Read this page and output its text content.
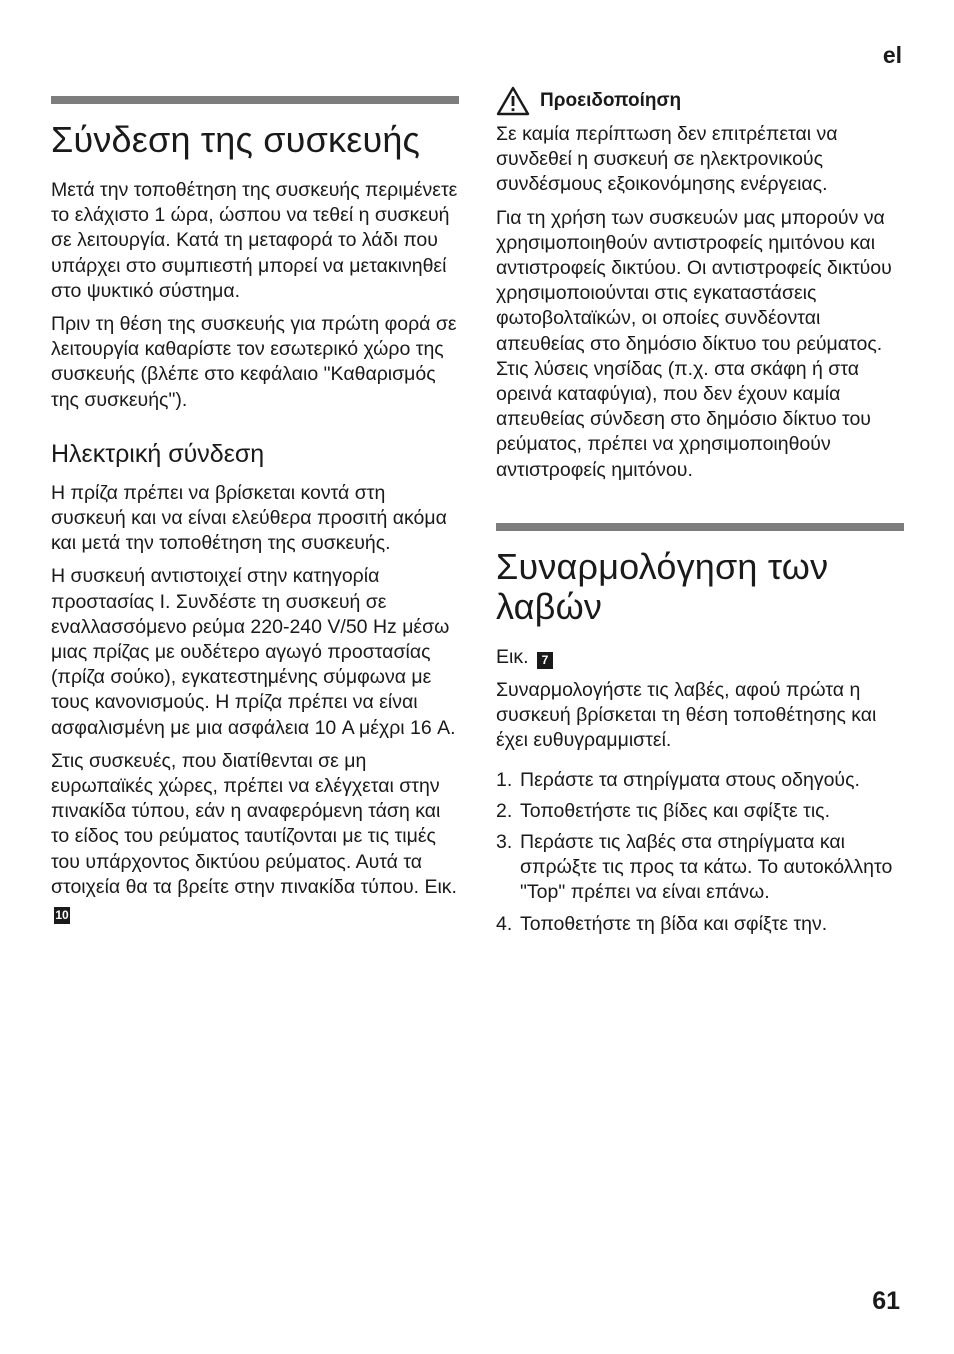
el
Σύνδεση της συσκευής

Μετά την τοποθέτηση της συσκευής περιμένετε το ελάχιστο 1 ώρα, ώσπου να τεθεί η συσκευή σε λειτουργία. Κατά τη μεταφορά το λάδι που υπάρχει στο συμπιεστή μπορεί να μετακινηθεί στο ψυκτικό σύστημα.

Πριν τη θέση της συσκευής για πρώτη φορά σε λειτουργία καθαρίστε τον εσωτερικό χώρο της συσκευής (βλέπε στο κεφάλαιο "Καθαρισμός της συσκευής").

Ηλεκτρική σύνδεση

Η πρίζα πρέπει να βρίσκεται κοντά στη συσκευή και να είναι ελεύθερα προσιτή ακόμα και μετά την τοποθέτηση της συσκευής.

Η συσκευή αντιστοιχεί στην κατηγορία προστασίας I. Συνδέστε τη συσκευή σε εναλλασσόμενο ρεύμα 220-240 V/50 Hz μέσω μιας πρίζας με ουδέτερο αγωγό προστασίας (πρίζα σούκο), εγκατεστημένης σύμφωνα με τους κανονισμούς. Η πρίζα πρέπει να είναι ασφαλισμένη με μια ασφάλεια 10 A μέχρι 16 A.

Στις συσκευές, που διατίθενται σε μη ευρωπαϊκές χώρες, πρέπει να ελέγχεται στην πινακίδα τύπου, εάν η αναφερόμενη τάση και το είδος του ρεύματος ταυτίζονται με τις τιμές του υπάρχοντος δικτύου ρεύματος. Αυτά τα στοιχεία θα τα βρείτε στην πινακίδα τύπου. Εικ. 10

Προειδοποίηση

Σε καμία περίπτωση δεν επιτρέπεται να συνδεθεί η συσκευή σε ηλεκτρονικούς συνδέσμους εξοικονόμησης ενέργειας.

Για τη χρήση των συσκευών μας μπορούν να χρησιμοποιηθούν αντιστροφείς ημιτόνου και αντιστροφείς δικτύου. Οι αντιστροφείς δικτύου χρησιμοποιούνται στις εγκαταστάσεις φωτοβολταϊκών, οι οποίες συνδέονται απευθείας στο δημόσιο δίκτυο του ρεύματος. Στις λύσεις νησίδας (π.χ. στα σκάφη ή στα ορεινά καταφύγια), που δεν έχουν καμία απευθείας σύνδεση στο δημόσιο δίκτυο του ρεύματος, πρέπει να χρησιμοποιηθούν αντιστροφείς ημιτόνου.

Συναρμολόγηση των λαβών

Εικ. 7

Συναρμολογήστε τις λαβές, αφού πρώτα η συσκευή βρίσκεται τη θέση τοποθέτησης και έχει ευθυγραμμιστεί.

1. Περάστε τα στηρίγματα στους οδηγούς.
2. Τοποθετήστε τις βίδες και σφίξτε τις.
3. Περάστε τις λαβές στα στηρίγματα και σπρώξτε τις προς τα κάτω. Το αυτοκόλλητο "Top" πρέπει να είναι επάνω.
4. Τοποθετήστε τη βίδα και σφίξτε την.
61
